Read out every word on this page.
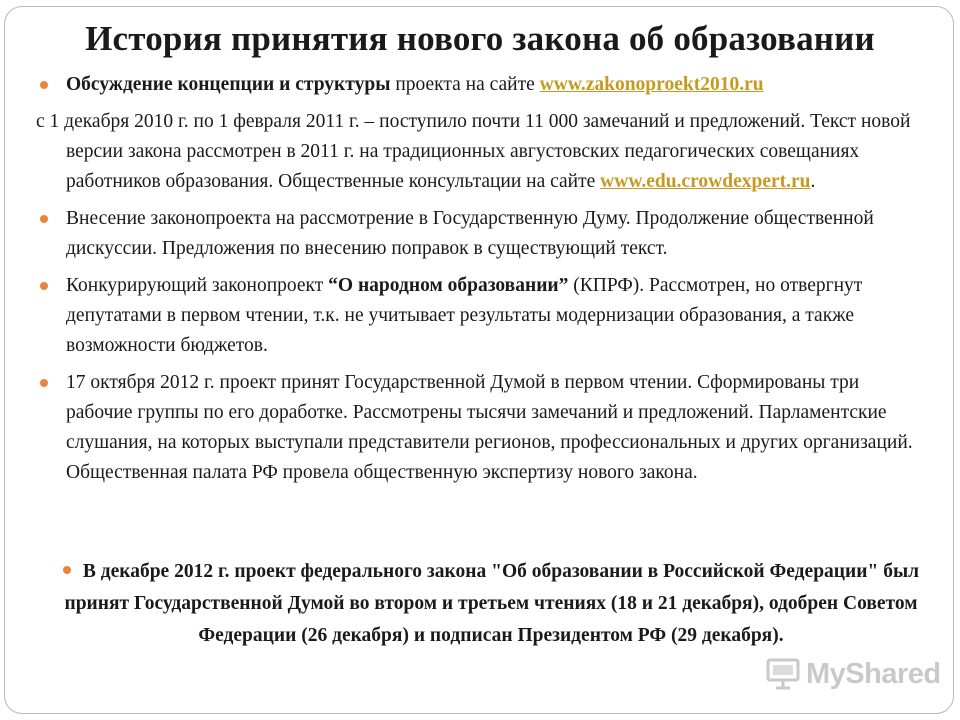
История принятия нового закона об образовании

Обсуждение концепции и структуры проекта на сайте www.zakonoproekt2010.ru

с 1 декабря 2010 г. по 1 февраля 2011 г. – поступило почти 11 000 замечаний и предложений. Текст новой версии закона рассмотрен в 2011 г. на традиционных августовских педагогических совещаниях работников образования. Общественные консультации на сайте www.edu.crowdexpert.ru.

Внесение законопроекта на рассмотрение в Государственную Думу. Продолжение общественной дискуссии. Предложения по внесению поправок в существующий текст.

Конкурирующий законопроект “О народном образовании” (КПРФ). Рассмотрен, но отвергнут депутатами в первом чтении, т.к. не учитывает результаты модернизации образования, а также возможности бюджетов.

17 октября 2012 г. проект принят Государственной Думой в первом чтении. Сформированы три рабочие группы по его доработке. Рассмотрены тысячи замечаний и предложений. Парламентские слушания, на которых выступали представители регионов, профессиональных и других организаций. Общественная палата РФ провела общественную экспертизу нового закона.

В декабре 2012 г. проект федерального закона "Об образовании в Российской Федерации" был принят Государственной Думой во втором и третьем чтениях (18 и 21 декабря), одобрен Советом Федерации (26 декабря) и подписан Президентом РФ (29 декабря).
MyShared
